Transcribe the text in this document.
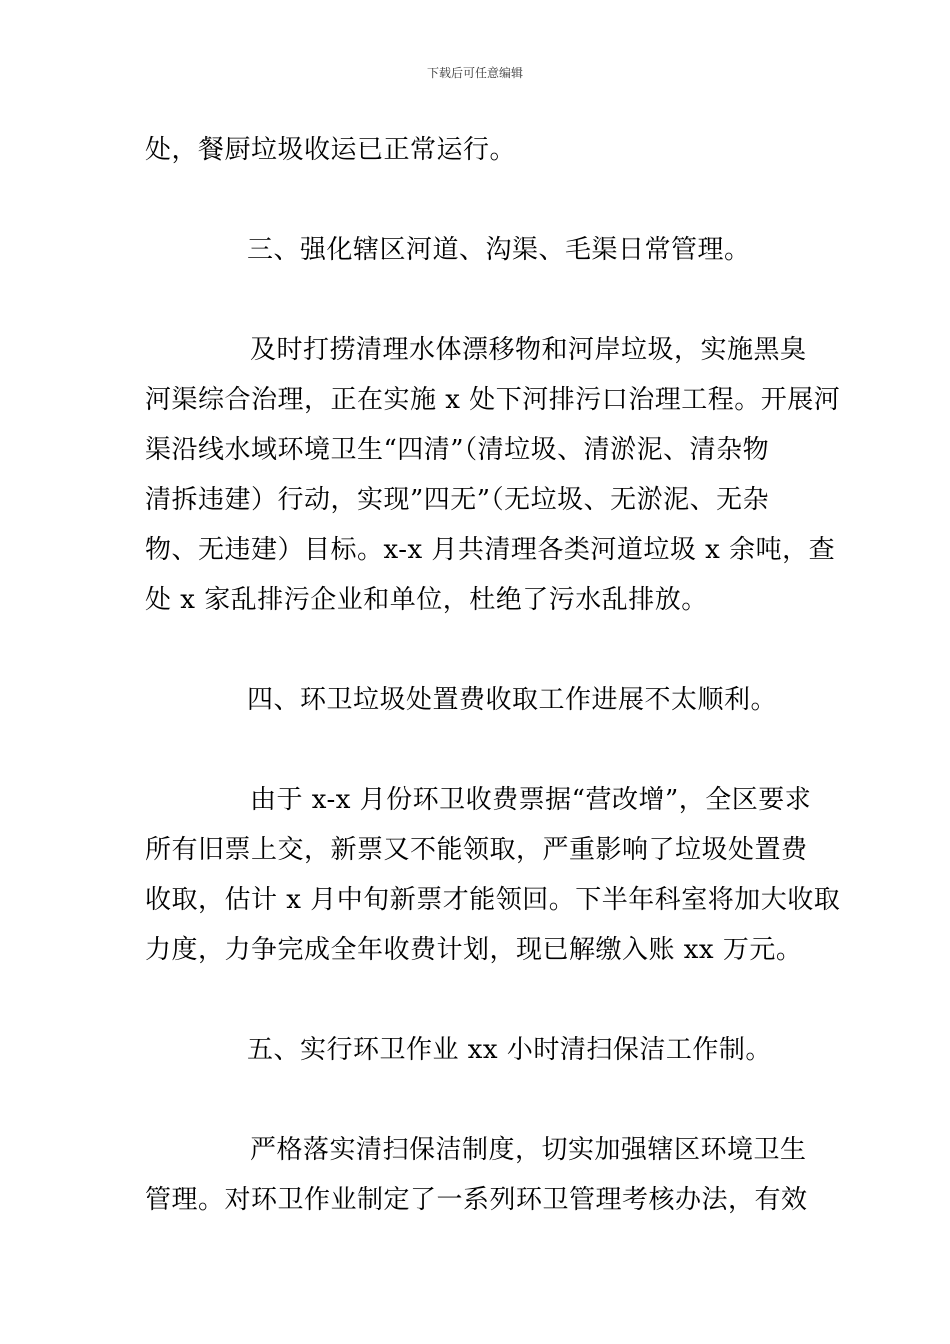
下载后可任意编辑
处，餐厨垃圾收运已正常运行。
三、强化辖区河道、沟渠、毛渠日常管理。
及时打捞清理水体漂移物和河岸垃圾，实施黑臭
河渠综合治理，正在实施 x 处下河排污口治理工程。开展河
渠沿线水域环境卫生“四清”（清垃圾、清淤泥、清杂物
清拆违建）行动，实现”四无”（无垃圾、无淤泥、无杂
物、无违建）目标。x-x 月共清理各类河道垃圾 x 余吨，查
处 x 家乱排污企业和单位，杜绝了污水乱排放。
四、环卫垃圾处置费收取工作进展不太顺利。
由于 x-x 月份环卫收费票据“营改增”，全区要求
所有旧票上交，新票又不能领取，严重影响了垃圾处置费
收取，估计 x 月中旬新票才能领回。下半年科室将加大收取
力度，力争完成全年收费计划，现已解缴入账 xx 万元。
五、实行环卫作业 xx 小时清扫保洁工作制。
严格落实清扫保洁制度，切实加强辖区环境卫生
管理。对环卫作业制定了一系列环卫管理考核办法，有效
